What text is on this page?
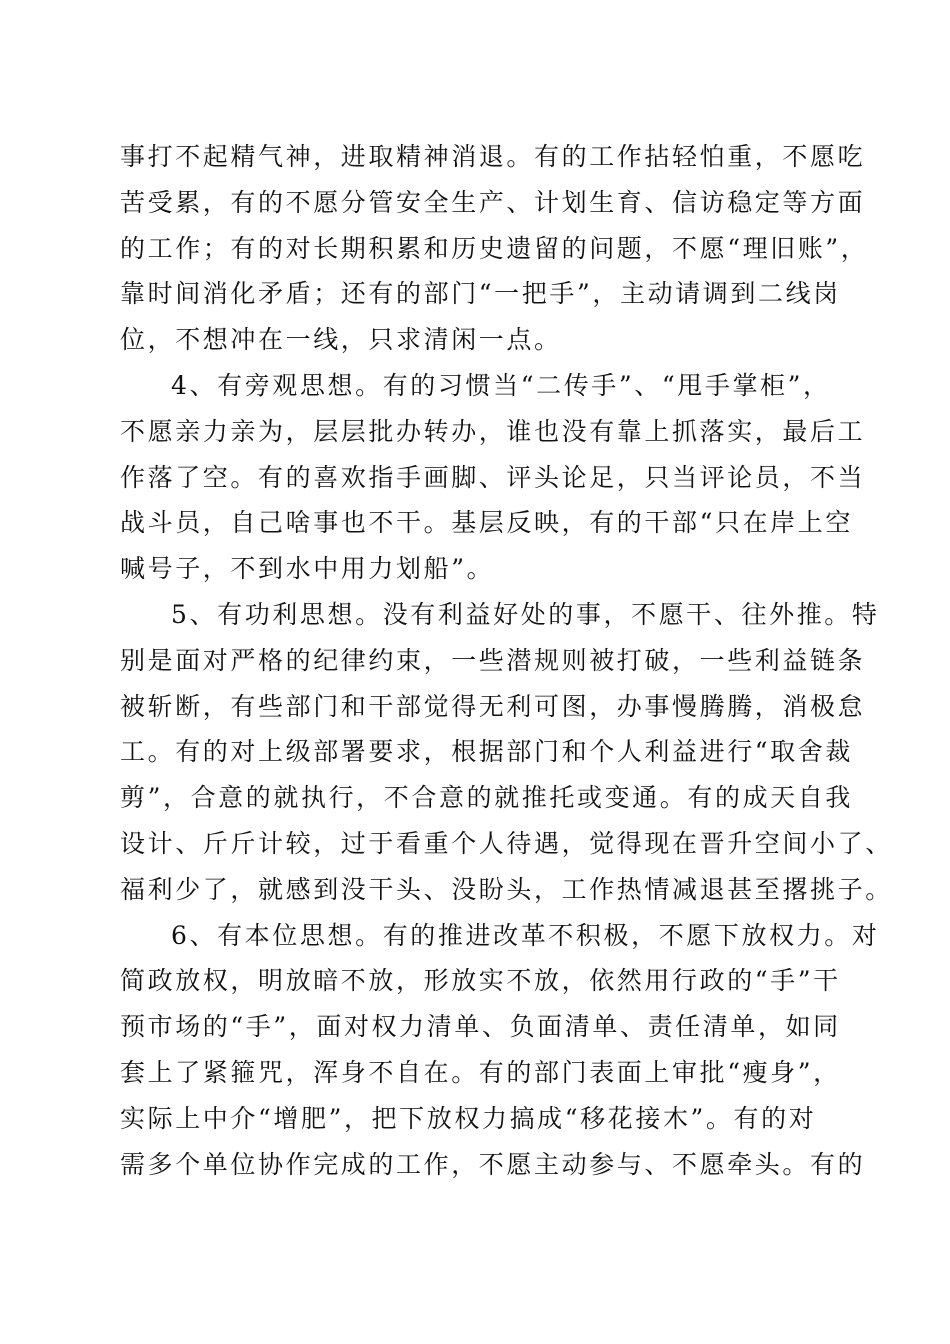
事打不起精气神，进取精神消退。有的工作拈轻怕重，不愿吃
苦受累，有的不愿分管安全生产、计划生育、信访稳定等方面
的工作；有的对长期积累和历史遗留的问题，不愿“理旧账”，
靠时间消化矛盾；还有的部门“一把手”，主动请调到二线岗
位，不想冲在一线，只求清闲一点。
4、有旁观思想。有的习惯当“二传手”、“甩手掌柜”，
不愿亲力亲为，层层批办转办，谁也没有靠上抓落实，最后工
作落了空。有的喜欢指手画脚、评头论足，只当评论员，不当
战斗员，自己啥事也不干。基层反映，有的干部“只在岸上空
喊号子，不到水中用力划船”。
5、有功利思想。没有利益好处的事，不愿干、往外推。特
别是面对严格的纪律约束，一些潜规则被打破，一些利益链条
被斩断，有些部门和干部觉得无利可图，办事慢腾腾，消极怠
工。有的对上级部署要求，根据部门和个人利益进行“取舍裁
剪”，合意的就执行，不合意的就推托或变通。有的成天自我
设计、斤斤计较，过于看重个人待遇，觉得现在晋升空间小了、
福利少了，就感到没干头、没盼头，工作热情减退甚至撂挑子。
6、有本位思想。有的推进改革不积极，不愿下放权力。对
简政放权，明放暗不放，形放实不放，依然用行政的“手”干
预市场的“手”，面对权力清单、负面清单、责任清单，如同
套上了紧箍咒，浑身不自在。有的部门表面上审批“瘦身”，
实际上中介“增肥”，把下放权力搞成“移花接木”。有的对
需多个单位协作完成的工作，不愿主动参与、不愿牵头。有的
